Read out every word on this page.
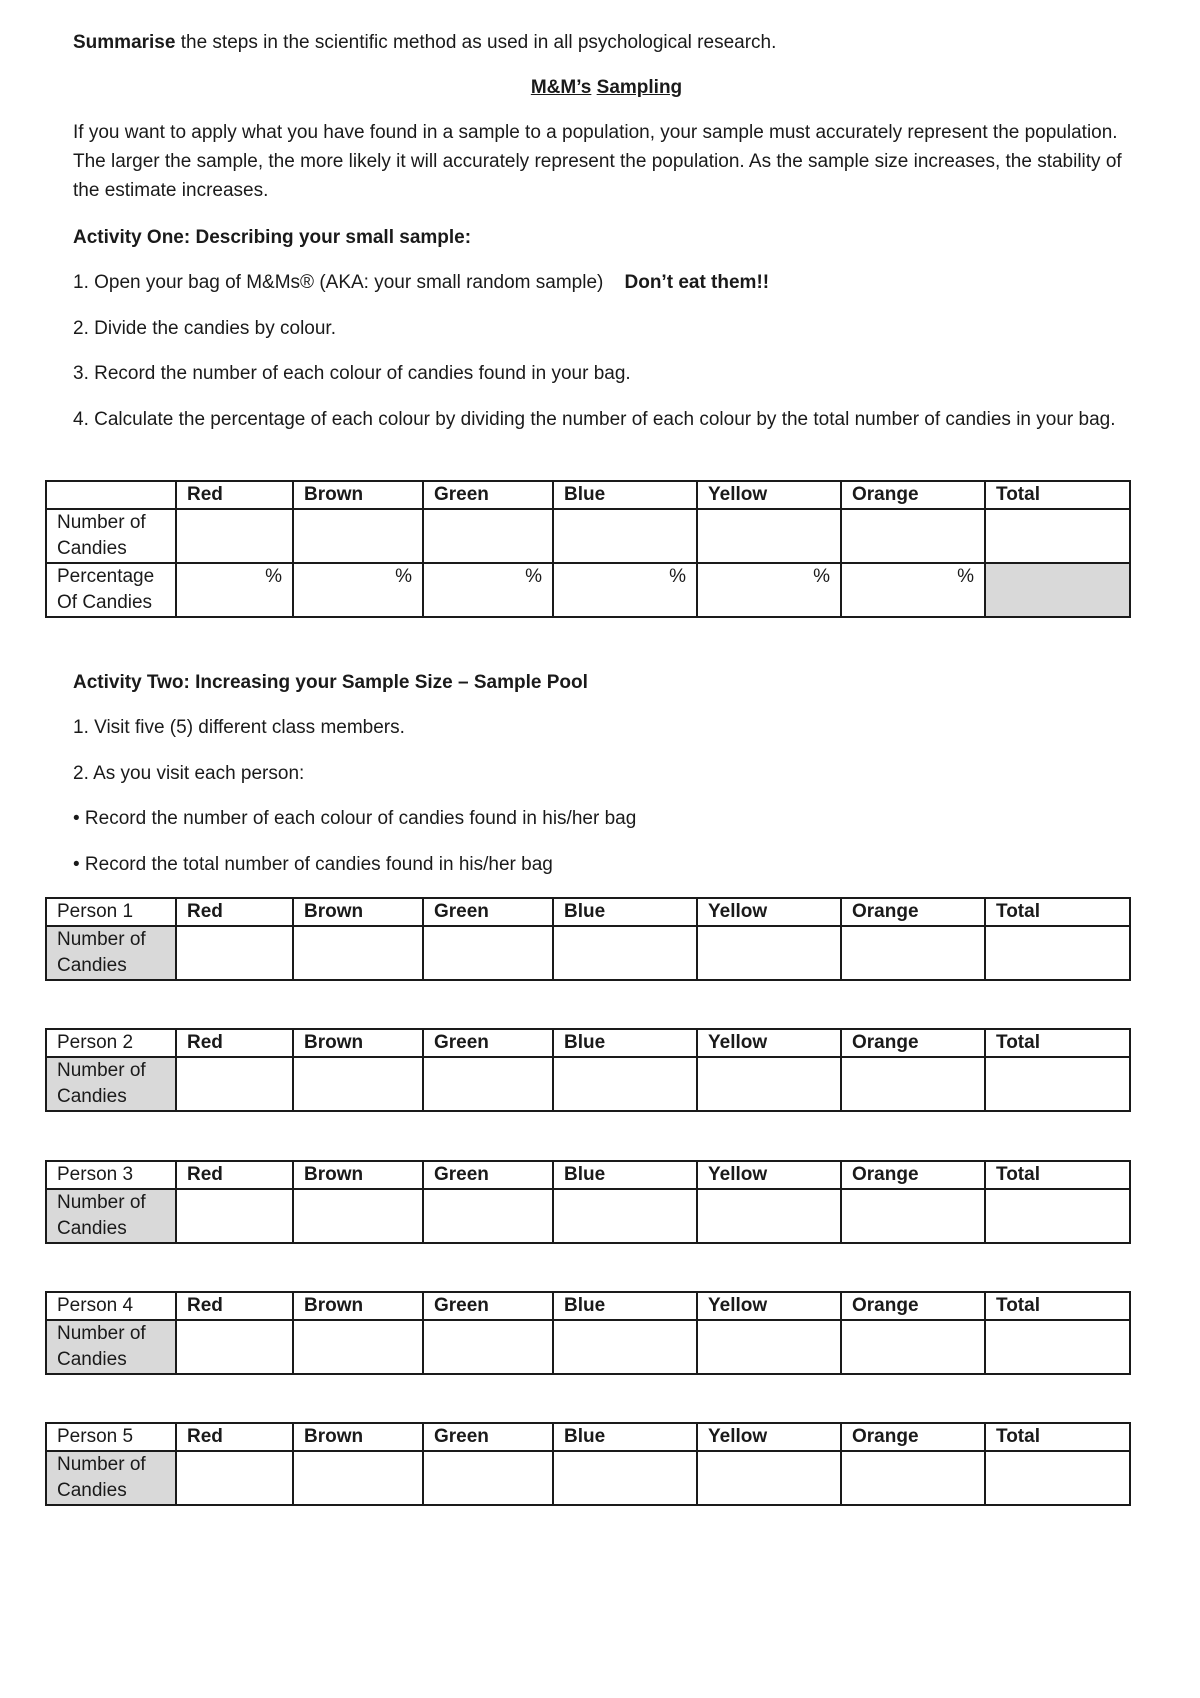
Summarise the steps in the scientific method as used in all psychological research.
M&M’s Sampling
If you want to apply what you have found in a sample to a population, your sample must accurately represent the population. The larger the sample, the more likely it will accurately represent the population. As the sample size increases, the stability of the estimate increases.
Activity One: Describing your small sample:
1. Open your bag of M&Ms® (AKA: your small random sample) Don’t eat them!!
2. Divide the candies by colour.
3. Record the number of each colour of candies found in your bag.
4. Calculate the percentage of each colour by dividing the number of each colour by the total number of candies in your bag.
	Red	Brown	Green	Blue	Yellow	Orange	Total
Number of Candies							
Percentage Of Candies	%	%	%	%	%	%	
Activity Two: Increasing your Sample Size – Sample Pool
1. Visit five (5) different class members.
2. As you visit each person:
• Record the number of each colour of candies found in his/her bag
• Record the total number of candies found in his/her bag
Person 1	Red	Brown	Green	Blue	Yellow	Orange	Total
Number of Candies							
Person 2	Red	Brown	Green	Blue	Yellow	Orange	Total
Number of Candies							
Person 3	Red	Brown	Green	Blue	Yellow	Orange	Total
Number of Candies							
Person 4	Red	Brown	Green	Blue	Yellow	Orange	Total
Number of Candies							
Person 5	Red	Brown	Green	Blue	Yellow	Orange	Total
Number of Candies							
